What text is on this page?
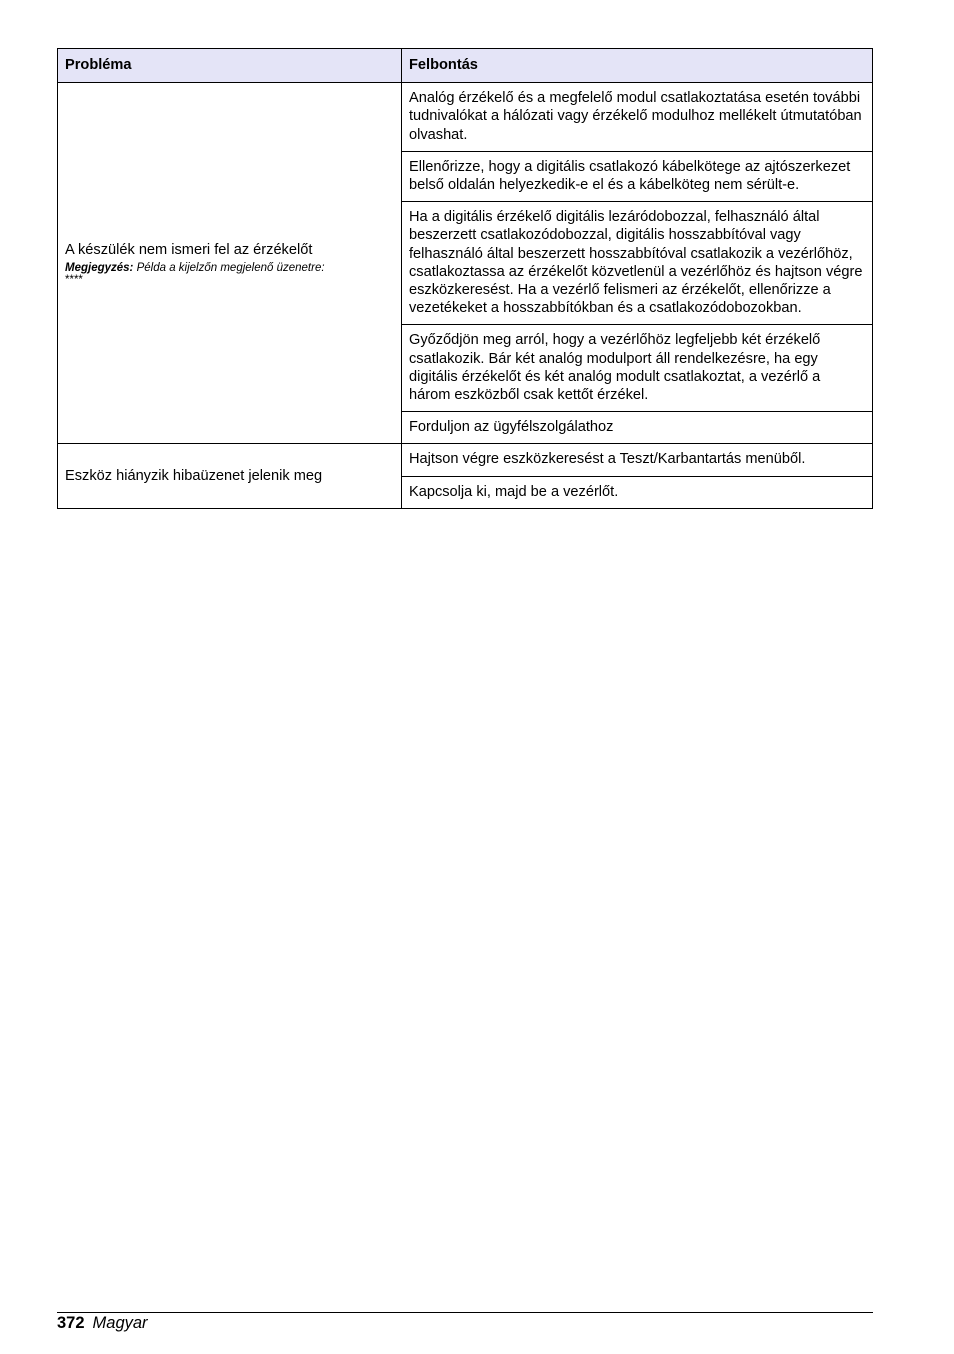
Probléma	Felbontás
A készülék nem ismeri fel az érzékelőt
Megjegyzés: Példa a kijelzőn megjelenő üzenetre:
****	Analóg érzékelő és a megfelelő modul csatlakoztatása esetén további tudnivalókat a hálózati vagy érzékelő modulhoz mellékelt útmutatóban olvashat.
	Ellenőrizze, hogy a digitális csatlakozó kábelkötege az ajtószerkezet belső oldalán helyezkedik-e el és a kábelköteg nem sérült-e.
	Ha a digitális érzékelő digitális lezáródobozzal, felhasználó által beszerzett csatlakozódobozzal, digitális hosszabbítóval vagy felhasználó által beszerzett hosszabbítóval csatlakozik a vezérlőhöz, csatlakoztassa az érzékelőt közvetlenül a vezérlőhöz és hajtson végre eszközkeresést. Ha a vezérlő felismeri az érzékelőt, ellenőrizze a vezetékeket a hosszabbítókban és a csatlakozódobozokban.
	Győződjön meg arról, hogy a vezérlőhöz legfeljebb két érzékelő csatlakozik. Bár két analóg modulport áll rendelkezésre, ha egy digitális érzékelőt és két analóg modult csatlakoztat, a vezérlő a három eszközből csak kettőt érzékel.
	Forduljon az ügyfélszolgálathoz
Eszköz hiányzik hibaüzenet jelenik meg	Hajtson végre eszközkeresést a Teszt/Karbantartás menüből.
	Kapcsolja ki, majd be a vezérlőt.
372 Magyar
